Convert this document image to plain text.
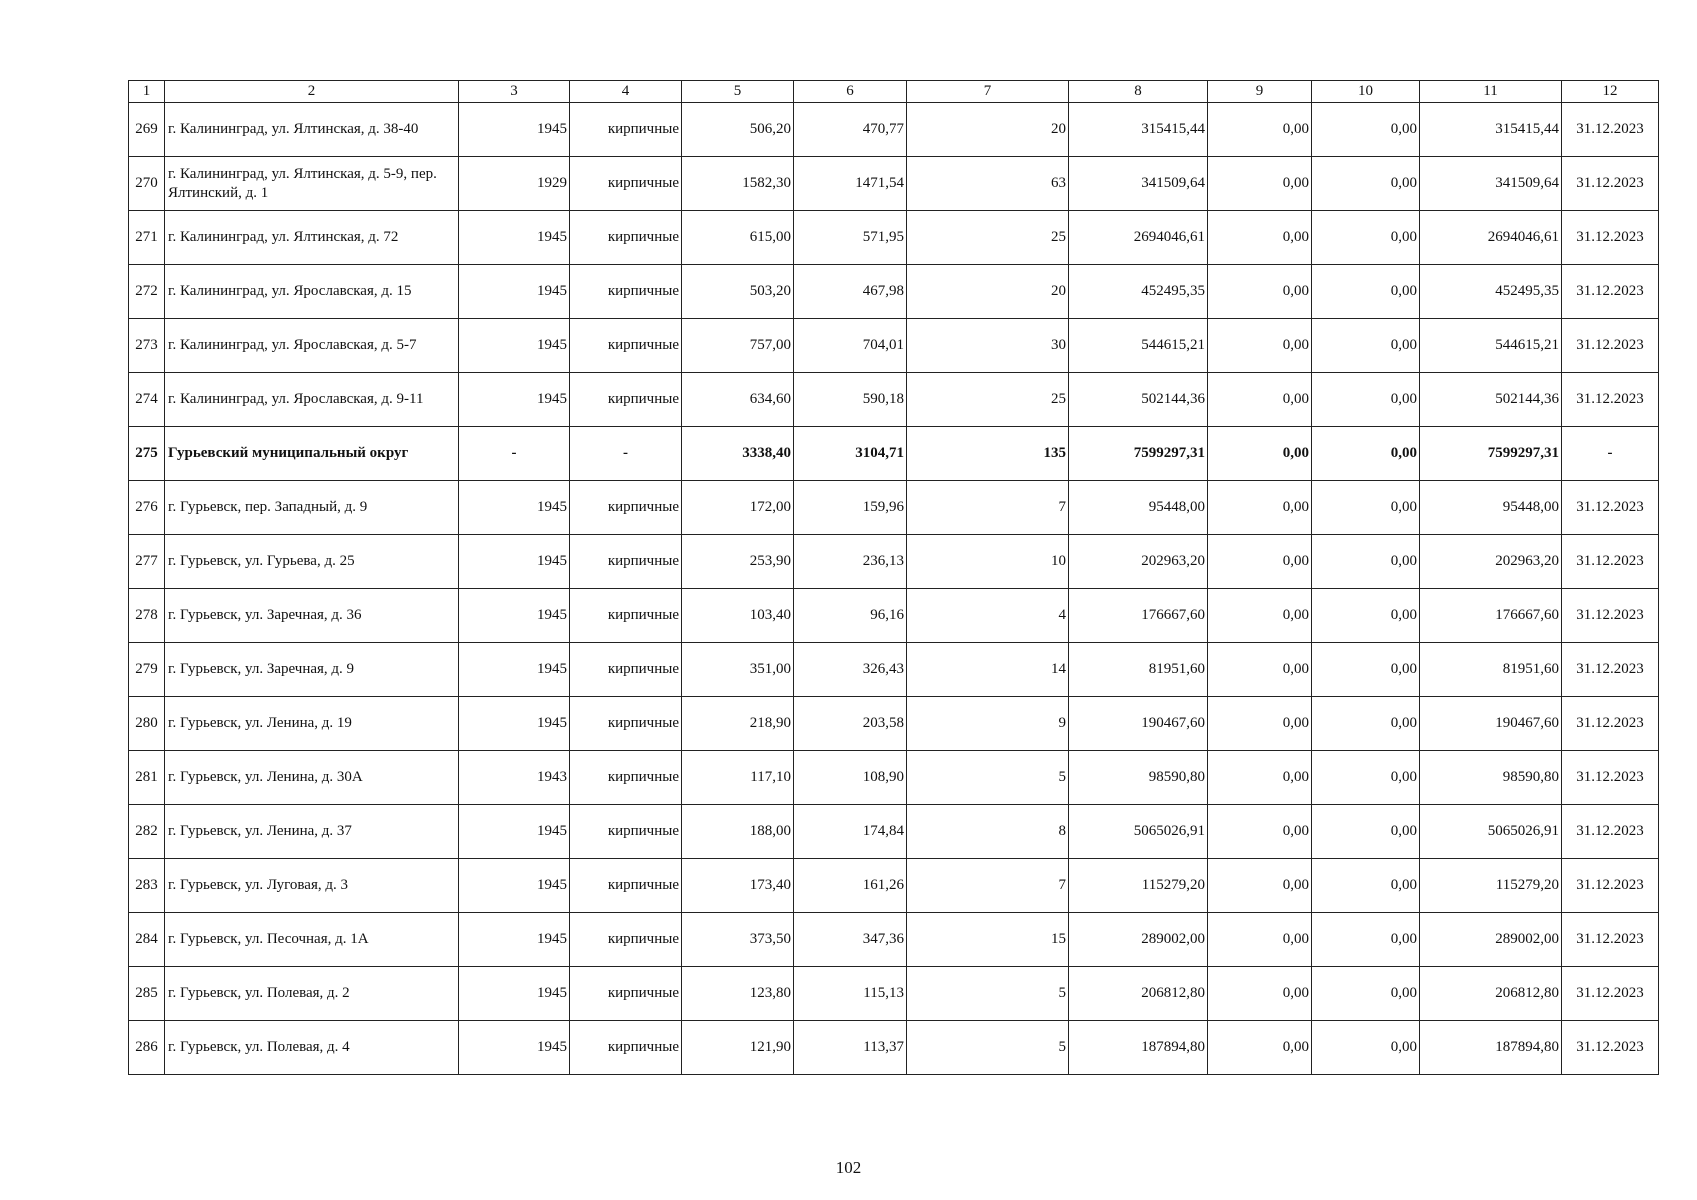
1	2	3	4	5	6	7	8	9	10	11	12
269	г. Калининград, ул. Ялтинская, д. 38-40	1945	кирпичные	506,20	470,77	20	315415,44	0,00	0,00	315415,44	31.12.2023
270	г. Калининград, ул. Ялтинская, д. 5-9, пер. Ялтинский, д. 1	1929	кирпичные	1582,30	1471,54	63	341509,64	0,00	0,00	341509,64	31.12.2023
271	г. Калининград, ул. Ялтинская, д. 72	1945	кирпичные	615,00	571,95	25	2694046,61	0,00	0,00	2694046,61	31.12.2023
272	г. Калининград, ул. Ярославская, д. 15	1945	кирпичные	503,20	467,98	20	452495,35	0,00	0,00	452495,35	31.12.2023
273	г. Калининград, ул. Ярославская, д. 5-7	1945	кирпичные	757,00	704,01	30	544615,21	0,00	0,00	544615,21	31.12.2023
274	г. Калининград, ул. Ярославская, д. 9-11	1945	кирпичные	634,60	590,18	25	502144,36	0,00	0,00	502144,36	31.12.2023
275	Гурьевский муниципальный округ	-	-	3338,40	3104,71	135	7599297,31	0,00	0,00	7599297,31	-
276	г. Гурьевск, пер. Западный, д. 9	1945	кирпичные	172,00	159,96	7	95448,00	0,00	0,00	95448,00	31.12.2023
277	г. Гурьевск, ул. Гурьева, д. 25	1945	кирпичные	253,90	236,13	10	202963,20	0,00	0,00	202963,20	31.12.2023
278	г. Гурьевск, ул. Заречная, д. 36	1945	кирпичные	103,40	96,16	4	176667,60	0,00	0,00	176667,60	31.12.2023
279	г. Гурьевск, ул. Заречная, д. 9	1945	кирпичные	351,00	326,43	14	81951,60	0,00	0,00	81951,60	31.12.2023
280	г. Гурьевск, ул. Ленина, д. 19	1945	кирпичные	218,90	203,58	9	190467,60	0,00	0,00	190467,60	31.12.2023
281	г. Гурьевск, ул. Ленина, д. 30А	1943	кирпичные	117,10	108,90	5	98590,80	0,00	0,00	98590,80	31.12.2023
282	г. Гурьевск, ул. Ленина, д. 37	1945	кирпичные	188,00	174,84	8	5065026,91	0,00	0,00	5065026,91	31.12.2023
283	г. Гурьевск, ул. Луговая, д. 3	1945	кирпичные	173,40	161,26	7	115279,20	0,00	0,00	115279,20	31.12.2023
284	г. Гурьевск, ул. Песочная, д. 1А	1945	кирпичные	373,50	347,36	15	289002,00	0,00	0,00	289002,00	31.12.2023
285	г. Гурьевск, ул. Полевая, д. 2	1945	кирпичные	123,80	115,13	5	206812,80	0,00	0,00	206812,80	31.12.2023
286	г. Гурьевск, ул. Полевая, д. 4	1945	кирпичные	121,90	113,37	5	187894,80	0,00	0,00	187894,80	31.12.2023
102
